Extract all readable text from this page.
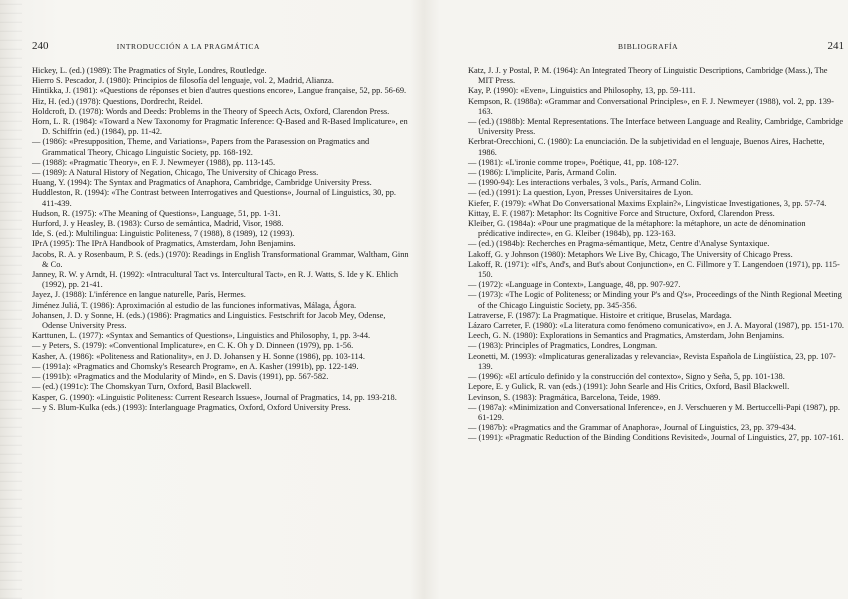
240	INTRODUCCIÓN A LA PRAGMÁTICA

Hickey, L. (ed.) (1989): The Pragmatics of Style, Londres, Routledge.

Hierro S. Pescador, J. (1980): Principios de filosofía del lenguaje, vol. 2, Madrid, Alianza.

Hintikka, J. (1981): «Questions de réponses et bien d'autres questions encore», Langue française, 52, pp. 56-69.

Hiz, H. (ed.) (1978): Questions, Dordrecht, Reidel.

Holdcroft, D. (1978): Words and Deeds: Problems in the Theory of Speech Acts, Oxford, Clarendon Press.

Horn, L. R. (1984): «Toward a New Taxonomy for Pragmatic Inference: Q-Based and R-Based Implicature», en D. Schiffrin (ed.) (1984), pp. 11-42.

— (1986): «Presupposition, Theme, and Variations», Papers from the Parasession on Pragmatics and Grammatical Theory, Chicago Linguistic Society, pp. 168-192.

— (1988): «Pragmatic Theory», en F. J. Newmeyer (1988), pp. 113-145.

— (1989): A Natural History of Negation, Chicago, The University of Chicago Press.

Huang, Y. (1994): The Syntax and Pragmatics of Anaphora, Cambridge, Cambridge University Press.

Huddleston, R. (1994): «The Contrast between Interrogatives and Questions», Journal of Linguistics, 30, pp. 411-439.

Hudson, R. (1975): «The Meaning of Questions», Language, 51, pp. 1-31.

Hurford, J. y Heasley, B. (1983): Curso de semántica, Madrid, Visor, 1988.

Ide, S. (ed.): Multilingua: Linguistic Politeness, 7 (1988), 8 (1989), 12 (1993).

IPrA (1995): The IPrA Handbook of Pragmatics, Amsterdam, John Benjamins.

Jacobs, R. A. y Rosenbaum, P. S. (eds.) (1970): Readings in English Transformational Grammar, Waltham, Ginn & Co.

Janney, R. W. y Arndt, H. (1992): «Intracultural Tact vs. Intercultural Tact», en R. J. Watts, S. Ide y K. Ehlich (1992), pp. 21-41.

Jayez, J. (1988): L'inférence en langue naturelle, París, Hermes.

Jiménez Juliá, T. (1986): Aproximación al estudio de las funciones informativas, Málaga, Ágora.

Johansen, J. D. y Sonne, H. (eds.) (1986): Pragmatics and Linguistics. Festschrift for Jacob Mey, Odense, Odense University Press.

Karttunen, L. (1977): «Syntax and Semantics of Questions», Linguistics and Philosophy, 1, pp. 3-44.

— y Peters, S. (1979): «Conventional Implicature», en C. K. Oh y D. Dinneen (1979), pp. 1-56.

Kasher, A. (1986): «Politeness and Rationality», en J. D. Johansen y H. Sonne (1986), pp. 103-114.

— (1991a): «Pragmatics and Chomsky's Research Program», en A. Kasher (1991b), pp. 122-149.

— (1991b): «Pragmatics and the Modularity of Mind», en S. Davis (1991), pp. 567-582.

— (ed.) (1991c): The Chomskyan Turn, Oxford, Basil Blackwell.

Kasper, G. (1990): «Linguistic Politeness: Current Research Issues», Journal of Pragmatics, 14, pp. 193-218.

— y S. Blum-Kulka (eds.) (1993): Interlanguage Pragmatics, Oxford, Oxford University Press.

BIBLIOGRAFÍA	241

Katz, J. J. y Postal, P. M. (1964): An Integrated Theory of Linguistic Descriptions, Cambridge (Mass.), The MIT Press.

Kay, P. (1990): «Even», Linguistics and Philosophy, 13, pp. 59-111.

Kempson, R. (1988a): «Grammar and Conversational Principles», en F. J. Newmeyer (1988), vol. 2, pp. 139-163.

— (ed.) (1988b): Mental Representations. The Interface between Language and Reality, Cambridge, Cambridge University Press.

Kerbrat-Orecchioni, C. (1980): La enunciación. De la subjetividad en el lenguaje, Buenos Aires, Hachette, 1986.

— (1981): «L'ironie comme trope», Poétique, 41, pp. 108-127.

— (1986): L'implicite, París, Armand Colin.

— (1990-94): Les interactions verbales, 3 vols., París, Armand Colin.

— (ed.) (1991): La question, Lyon, Presses Universitaires de Lyon.

Kiefer, F. (1979): «What Do Conversational Maxims Explain?», Lingvisticae Investigationes, 3, pp. 57-74.

Kittay, E. F. (1987): Metaphor: Its Cognitive Force and Structure, Oxford, Clarendon Press.

Kleiber, G. (1984a): «Pour une pragmatique de la métaphore: la métaphore, un acte de dénomination prédicative indirecte», en G. Kleiber (1984b), pp. 123-163.

— (ed.) (1984b): Recherches en Pragma-sémantique, Metz, Centre d'Analyse Syntaxique.

Lakoff, G. y Johnson (1980): Metaphors We Live By, Chicago, The University of Chicago Press.

Lakoff, R. (1971): «If's, And's, and But's about Conjunction», en C. Fillmore y T. Langendoen (1971), pp. 115-150.

— (1972): «Language in Context», Language, 48, pp. 907-927.

— (1973): «The Logic of Politeness; or Minding your P's and Q's», Proceedings of the Ninth Regional Meeting of the Chicago Linguistic Society, pp. 345-356.

Latraverse, F. (1987): La Pragmatique. Histoire et critique, Bruselas, Mardaga.

Lázaro Carreter, F. (1980): «La literatura como fenómeno comunicativo», en J. A. Mayoral (1987), pp. 151-170.

Leech, G. N. (1980): Explorations in Semantics and Pragmatics, Amsterdam, John Benjamins.

— (1983): Principles of Pragmatics, Londres, Longman.

Leonetti, M. (1993): «Implicaturas generalizadas y relevancia», Revista Española de Lingüística, 23, pp. 107-139.

— (1996): «El artículo definido y la construcción del contexto», Signo y Seña, 5, pp. 101-138.

Lepore, E. y Gulick, R. van (eds.) (1991): John Searle and His Critics, Oxford, Basil Blackwell.

Levinson, S. (1983): Pragmática, Barcelona, Teide, 1989.

— (1987a): «Minimization and Conversational Inference», en J. Verschueren y M. Bertuccelli-Papi (1987), pp. 61-129.

— (1987b): «Pragmatics and the Grammar of Anaphora», Journal of Linguistics, 23, pp. 379-434.

— (1991): «Pragmatic Reduction of the Binding Conditions Revisited», Journal of Linguistics, 27, pp. 107-161.
